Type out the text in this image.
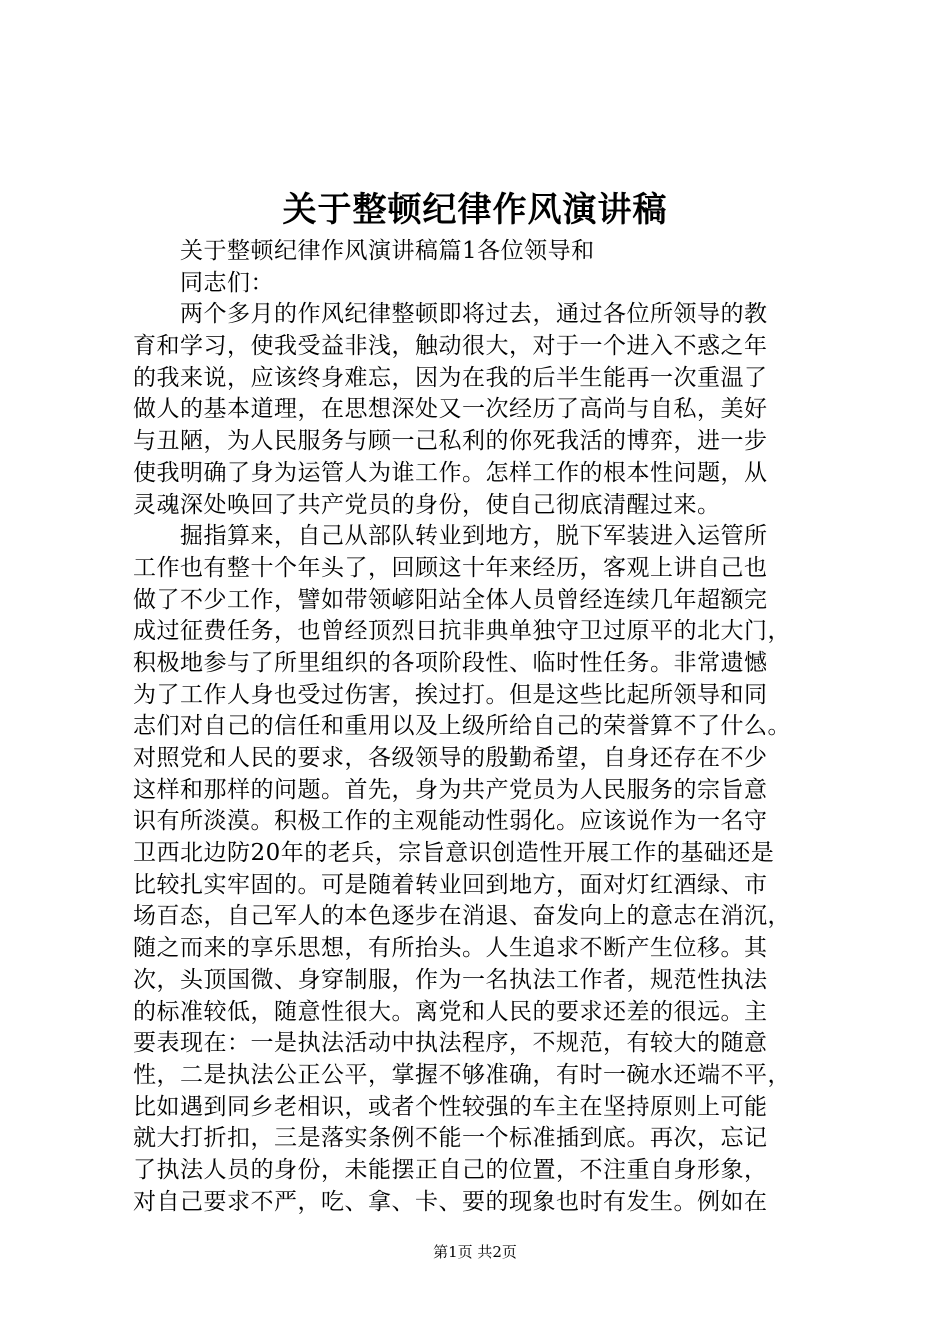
关于整顿纪律作风演讲稿
关于整顿纪律作风演讲稿篇1各位领导和
同志们：
两个多月的作风纪律整顿即将过去，通过各位所领导的教
育和学习，使我受益非浅，触动很大，对于一个进入不惑之年
的我来说，应该终身难忘，因为在我的后半生能再一次重温了
做人的基本道理，在思想深处又一次经历了高尚与自私，美好
与丑陋，为人民服务与顾一己私利的你死我活的博弈，进一步
使我明确了身为运管人为谁工作。怎样工作的根本性问题，从
灵魂深处唤回了共产党员的身份，使自己彻底清醒过来。
掘指算来，自己从部队转业到地方，脱下军装进入运管所
工作也有整十个年头了，回顾这十年来经历，客观上讲自己也
做了不少工作，譬如带领嵃阳站全体人员曾经连续几年超额完
成过征费任务，也曾经顶烈日抗非典单独守卫过原平的北大门，
积极地参与了所里组织的各项阶段性、临时性任务。非常遗憾
为了工作人身也受过伤害，挨过打。但是这些比起所领导和同
志们对自己的信任和重用以及上级所给自己的荣誉算不了什么。
对照党和人民的要求，各级领导的殷勤希望，自身还存在不少
这样和那样的问题。首先，身为共产党员为人民服务的宗旨意
识有所淡漠。积极工作的主观能动性弱化。应该说作为一名守
卫西北边防20年的老兵，宗旨意识创造性开展工作的基础还是
比较扎实牢固的。可是随着转业回到地方，面对灯红酒绿、市
场百态，自己军人的本色逐步在消退、奋发向上的意志在消沉，
随之而来的享乐思想，有所抬头。人生追求不断产生位移。其
次，头顶国微、身穿制服，作为一名执法工作者，规范性执法
的标准较低，随意性很大。离党和人民的要求还差的很远。主
要表现在：一是执法活动中执法程序，不规范，有较大的随意
性，二是执法公正公平，掌握不够准确，有时一碗水还端不平，
比如遇到同乡老相识，或者个性较强的车主在坚持原则上可能
就大打折扣，三是落实条例不能一个标准插到底。再次，忘记
了执法人员的身份，未能摆正自己的位置，不注重自身形象，
对自己要求不严，吃、拿、卡、要的现象也时有发生。例如在
第1页 共2页
